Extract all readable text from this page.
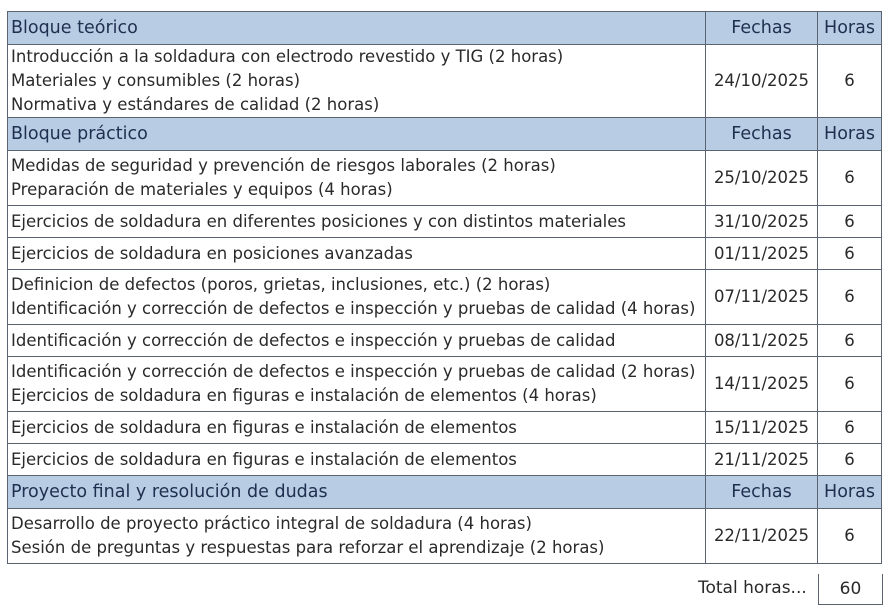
Bloque teórico	Fechas	Horas

Introducción a la soldadura con electrodo revestido y TIG (2 horas)
Materiales y consumibles (2 horas)
Normativa y estándares de calidad (2 horas)	24/10/2025	6
Bloque práctico	Fechas	Horas

Medidas de seguridad y prevención de riesgos laborales (2 horas)
Preparación de materiales y equipos (4 horas)	25/10/2025	6

Ejercicios de soldadura en diferentes posiciones y con distintos materiales	31/10/2025	6

Ejercicios de soldadura en posiciones avanzadas	01/11/2025	6

Definicion de defectos (poros, grietas, inclusiones, etc.) (2 horas)
Identificación y corrección de defectos e inspección y pruebas de calidad (4 horas)	07/11/2025	6

Identificación y corrección de defectos e inspección y pruebas de calidad	08/11/2025	6

Identificación y corrección de defectos e inspección y pruebas de calidad (2 horas)
Ejercicios de soldadura en figuras e instalación de elementos (4 horas)	14/11/2025	6

Ejercicios de soldadura en figuras e instalación de elementos	15/11/2025	6

Ejercicios de soldadura en figuras e instalación de elementos	21/11/2025	6
Proyecto final y resolución de dudas	Fechas	Horas

Desarrollo de proyecto práctico integral de soldadura (4 horas)
Sesión de preguntas y respuestas para reforzar el aprendizaje (2 horas)	22/11/2025	6
Total horas...	60
